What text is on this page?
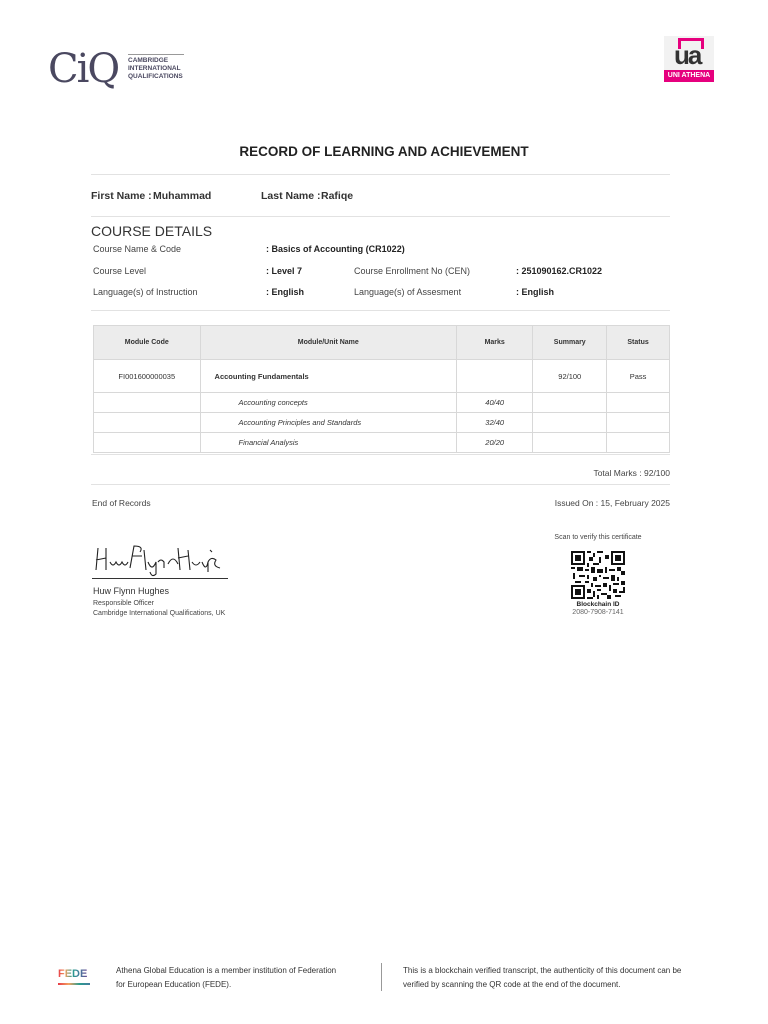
CiQ CAMBRIDGE
INTERNATIONAL
QUALIFICATIONS
ua
UNI ATHENA
RECORD OF LEARNING AND ACHIEVEMENT
First Name : Muhammad	Last Name : Rafiqe
COURSE DETAILS
Course Name & Code	: Basics of Accounting (CR1022)
Course Level	: Level 7	Course Enrollment No (CEN)	: 251090162.CR1022
Language(s) of Instruction	: English	Language(s) of Assesment	: English
Module Code	Module/Unit Name	Marks	Summary	Status
FI001600000035	Accounting Fundamentals		92/100	Pass
	Accounting concepts	40/40		
	Accounting Principles and Standards	32/40		
	Financial Analysis	20/20		
Total Marks : 92/100
End of Records	Issued On : 15, February 2025
Huw Flynn Hughes
Responsible Officer
Cambridge International Qualifications, UK
Scan to verify this certificate
Blockchain ID
2080-7908-7141
FEDE	Athena Global Education is a member institution of Federation
for European Education (FEDE).
This is a blockchain verified transcript, the authenticity of this document can be
verified by scanning the QR code at the end of the document.
